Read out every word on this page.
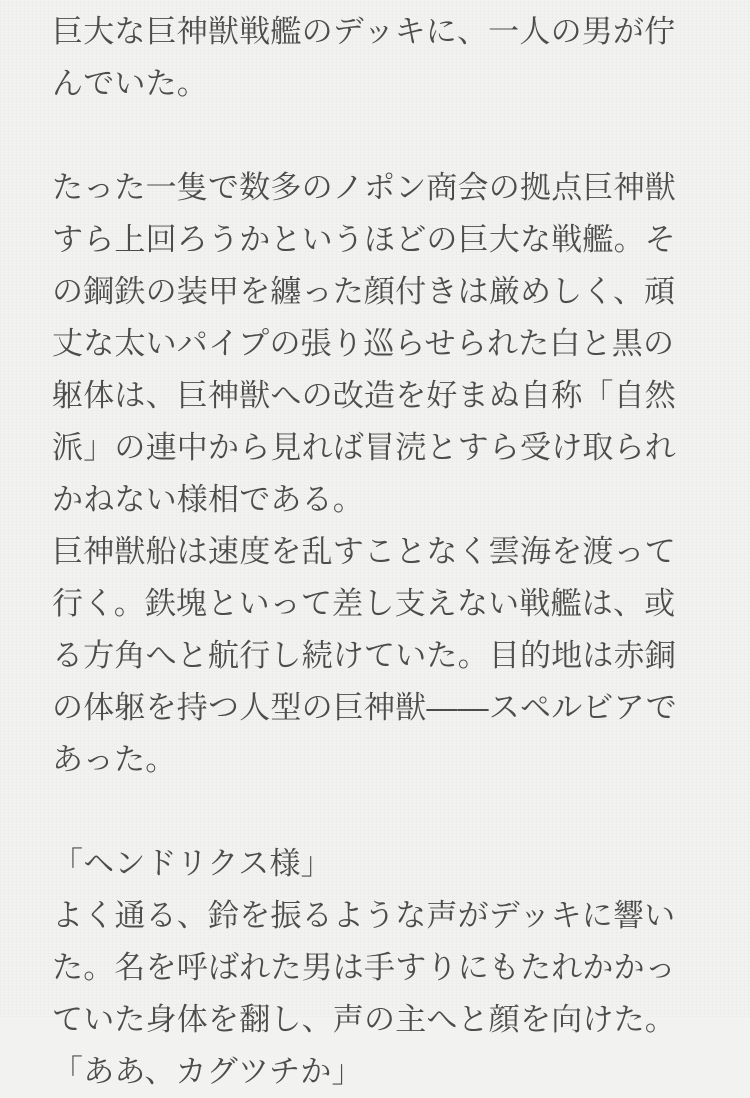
巨大な巨神獣戦艦のデッキに、一人の男が佇んでいた。

たった一隻で数多のノポン商会の拠点巨神獣すら上回ろうかというほどの巨大な戦艦。その鋼鉄の装甲を纏った顔付きは厳めしく、頑丈な太いパイプの張り巡らせられた白と黒の躯体は、巨神獣への改造を好まぬ自称「自然派」の連中から見れば冒涜とすら受け取られかねない様相である。

巨神獣船は速度を乱すことなく雲海を渡って行く。鉄塊といって差し支えない戦艦は、或る方角へと航行し続けていた。目的地は赤銅の体躯を持つ人型の巨神獣——スペルビアであった。

「ヘンドリクス様」

よく通る、鈴を振るような声がデッキに響いた。名を呼ばれた男は手すりにもたれかかっていた身体を翻し、声の主へと顔を向けた。

「ああ、カグツチか」
